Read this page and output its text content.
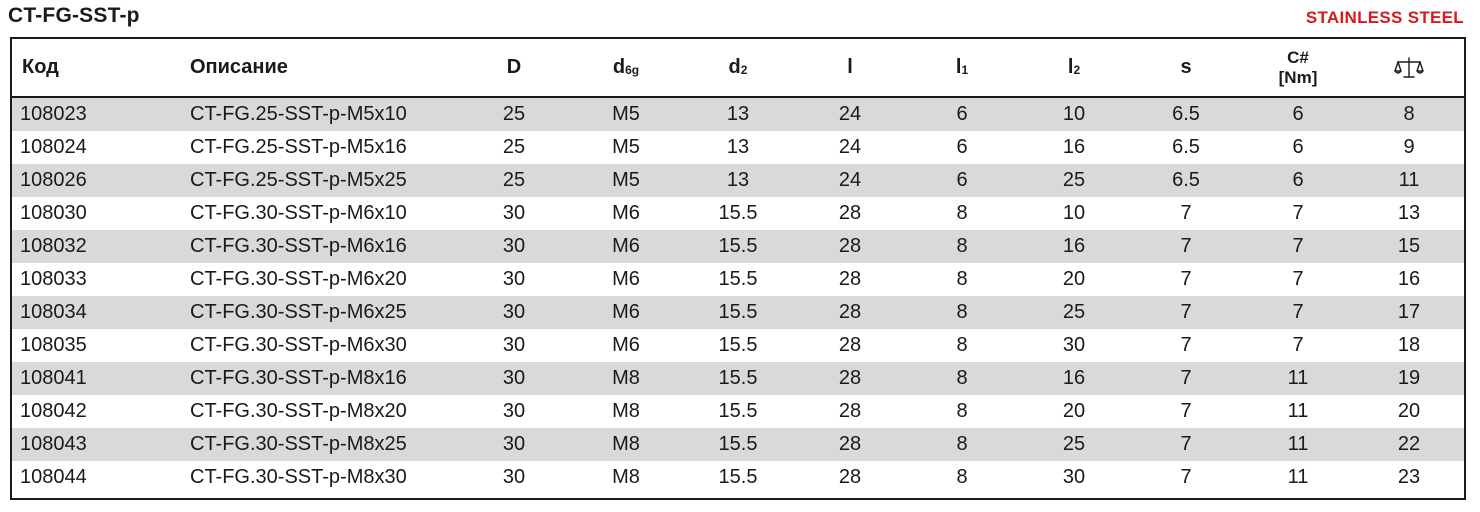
CT-FG-SST-p	STAINLESS STEEL
Код	Описание	D	$d_{6g}$	$d_2$	l	$l_1$	$l_2$	s	C#
[Nm]	
108023	CT-FG.25-SST-p-M5x10	25	M5	13	24	6	10	6.5	6	8
108024	CT-FG.25-SST-p-M5x16	25	M5	13	24	6	16	6.5	6	9
108026	CT-FG.25-SST-p-M5x25	25	M5	13	24	6	25	6.5	6	11
108030	CT-FG.30-SST-p-M6x10	30	M6	15.5	28	8	10	7	7	13
108032	CT-FG.30-SST-p-M6x16	30	M6	15.5	28	8	16	7	7	15
108033	CT-FG.30-SST-p-M6x20	30	M6	15.5	28	8	20	7	7	16
108034	CT-FG.30-SST-p-M6x25	30	M6	15.5	28	8	25	7	7	17
108035	CT-FG.30-SST-p-M6x30	30	M6	15.5	28	8	30	7	7	18
108041	CT-FG.30-SST-p-M8x16	30	M8	15.5	28	8	16	7	11	19
108042	CT-FG.30-SST-p-M8x20	30	M8	15.5	28	8	20	7	11	20
108043	CT-FG.30-SST-p-M8x25	30	M8	15.5	28	8	25	7	11	22
108044	CT-FG.30-SST-p-M8x30	30	M8	15.5	28	8	30	7	11	23
